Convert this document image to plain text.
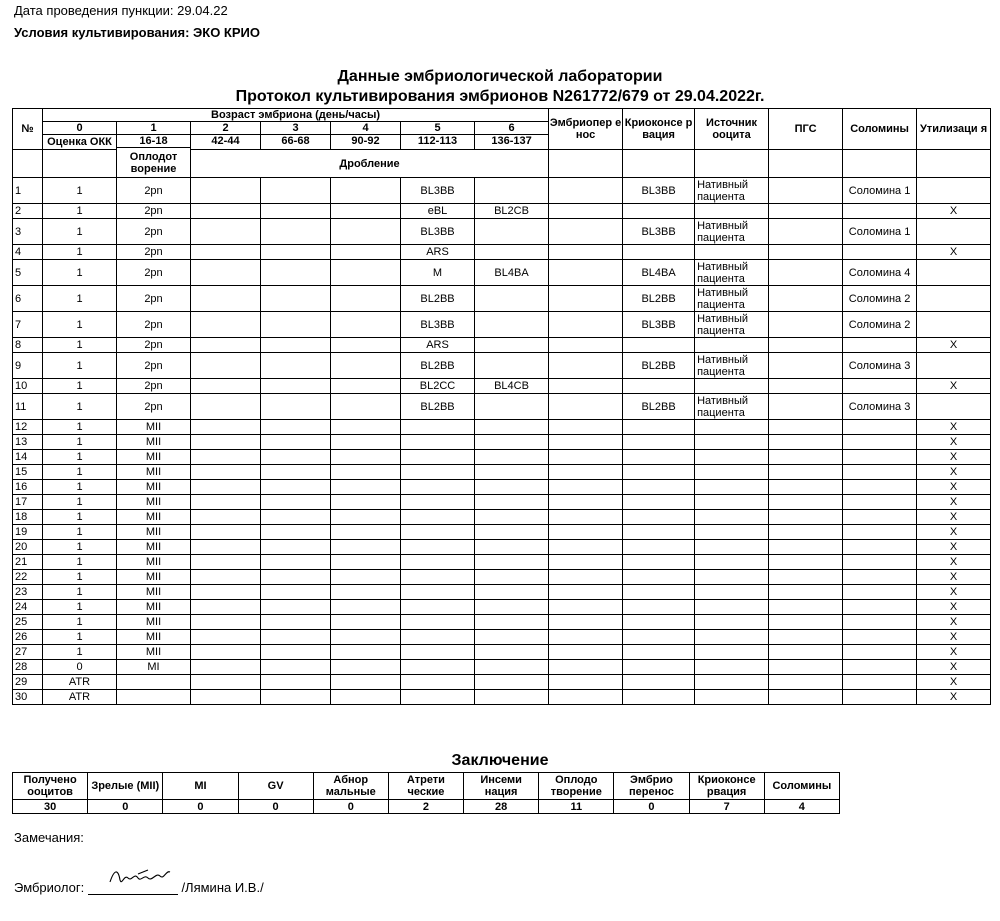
Дата проведения пункции: 29.04.22
Условия культивирования: ЭКО КРИО
Данные эмбриологической лаборатории
Протокол культивирования эмбрионов N261772/679 от 29.04.2022г.
№	Возраст эмбриона (день/часы)							Эмбриопер енос	Криоконсе рвация	Источник ооцита	ПГС	Соломины	Утилизаци я
	0	1	2	3	4	5	6						
	Оценка ОКК	16-18	42-44	66-68	90-92	112-113	136-137						
		Оплодот ворение											
			Дробление										
1	1	2pn				BL3BB			BL3BB	Нативный пациента		Соломина 1	
2	1	2pn				eBL	BL2CB						X
3	1	2pn				BL3BB			BL3BB	Нативный пациента		Соломина 1	
4	1	2pn				ARS							X
5	1	2pn				M	BL4BA		BL4BA	Нативный пациента		Соломина 4	
6	1	2pn				BL2BB			BL2BB	Нативный пациента		Соломина 2	
7	1	2pn				BL3BB			BL3BB	Нативный пациента		Соломина 2	
8	1	2pn				ARS							X
9	1	2pn				BL2BB			BL2BB	Нативный пациента		Соломина 3	
10	1	2pn				BL2CC	BL4CB						X
11	1	2pn				BL2BB			BL2BB	Нативный пациента		Соломина 3	
12	1	MII											X
13	1	MII											X
14	1	MII											X
15	1	MII											X
16	1	MII											X
17	1	MII											X
18	1	MII											X
19	1	MII											X
20	1	MII											X
21	1	MII											X
22	1	MII											X
23	1	MII											X
24	1	MII											X
25	1	MII											X
26	1	MII											X
27	1	MII											X
28	0	MI											X
29	ATR												X
30	ATR												X
Заключение
Получено ооцитов	Зрелые (MII)	MI	GV	Абнор мальные	Атрети ческие	Инсеми нация	Оплодо творение	Эмбрио перенос	Криоконсе рвация	Соломины
30	0	0	0	0	2	28	11	0	7	4
Замечания:
Эмбриолог:	/Лямина И.В./
